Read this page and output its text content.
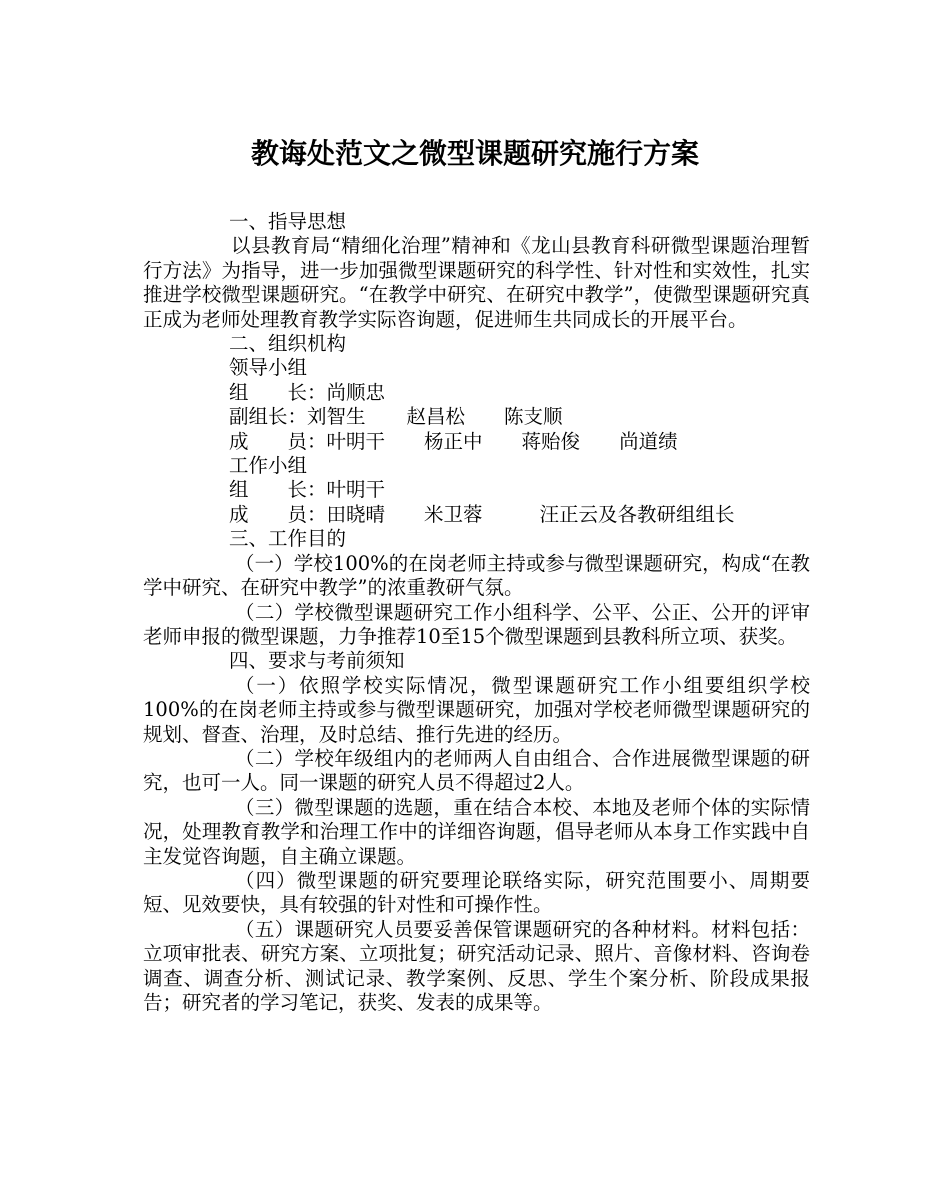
教诲处范文之微型课题研究施行方案

一、指导思想

以县教育局“精细化治理”精神和《龙山县教育科研微型课题治理暂行方法》为指导，进一步加强微型课题研究的科学性、针对性和实效性，扎实推进学校微型课题研究。“在教学中研究、在研究中教学”，使微型课题研究真正成为老师处理教育教学实际咨询题，促进师生共同成长的开展平台。

二、组织机构

领导小组

组　　长：尚顺忠

副组长：刘智生 赵昌松 陈支顺

成　　员：叶明干 杨正中 蒋贻俊 尚道绩

工作小组

组　　长：叶明干

成　　员：田晓晴 米卫蓉	汪正云及各教研组组长

三、工作目的

（一）学校100%的在岗老师主持或参与微型课题研究，构成“在教学中研究、在研究中教学”的浓重教研气氛。

（二）学校微型课题研究工作小组科学、公平、公正、公开的评审老师申报的微型课题，力争推荐10至15个微型课题到县教科所立项、获奖。

四、要求与考前须知

（一）依照学校实际情况，微型课题研究工作小组要组织学校100%的在岗老师主持或参与微型课题研究，加强对学校老师微型课题研究的规划、督查、治理，及时总结、推行先进的经历。

（二）学校年级组内的老师两人自由组合、合作进展微型课题的研究，也可一人。同一课题的研究人员不得超过2人。

（三）微型课题的选题，重在结合本校、本地及老师个体的实际情况，处理教育教学和治理工作中的详细咨询题，倡导老师从本身工作实践中自主发觉咨询题，自主确立课题。

（四）微型课题的研究要理论联络实际，研究范围要小、周期要短、见效要快，具有较强的针对性和可操作性。

（五）课题研究人员要妥善保管课题研究的各种材料。材料包括：立项审批表、研究方案、立项批复；研究活动记录、照片、音像材料、咨询卷调查、调查分析、测试记录、教学案例、反思、学生个案分析、阶段成果报告；研究者的学习笔记，获奖、发表的成果等。
